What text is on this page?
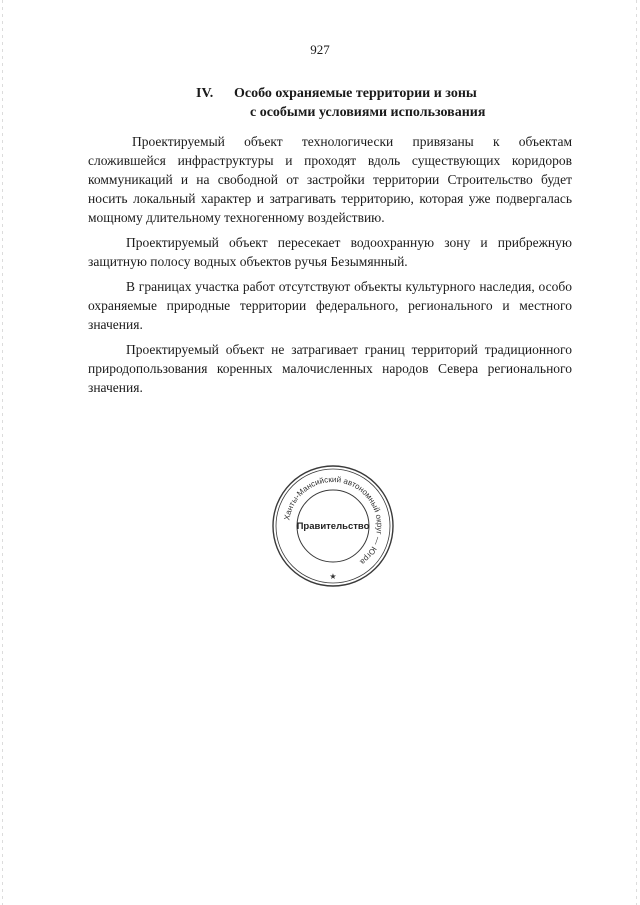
927
IV. Особо охраняемые территории и зоны
с особыми условиями использования

Проектируемый объект технологически привязаны к объектам сложившейся инфраструктуры и проходят вдоль существующих коридоров коммуникаций и на свободной от застройки территории Строительство будет носить локальный характер и затрагивать территорию, которая уже подвергалась мощному длительному техногенному воздействию.

Проектируемый объект пересекает водоохранную зону и прибрежную защитную полосу водных объектов ручья Безымянный.

В границах участка работ отсутствуют объекты культурного наследия, особо охраняемые природные территории федерального, регионального и местного значения.

Проектируемый объект не затрагивает границ территорий традиционного природопользования коренных малочисленных народов Севера регионального значения.

Ханты-Мансийский автономный округ — Югра
Правительство
★
